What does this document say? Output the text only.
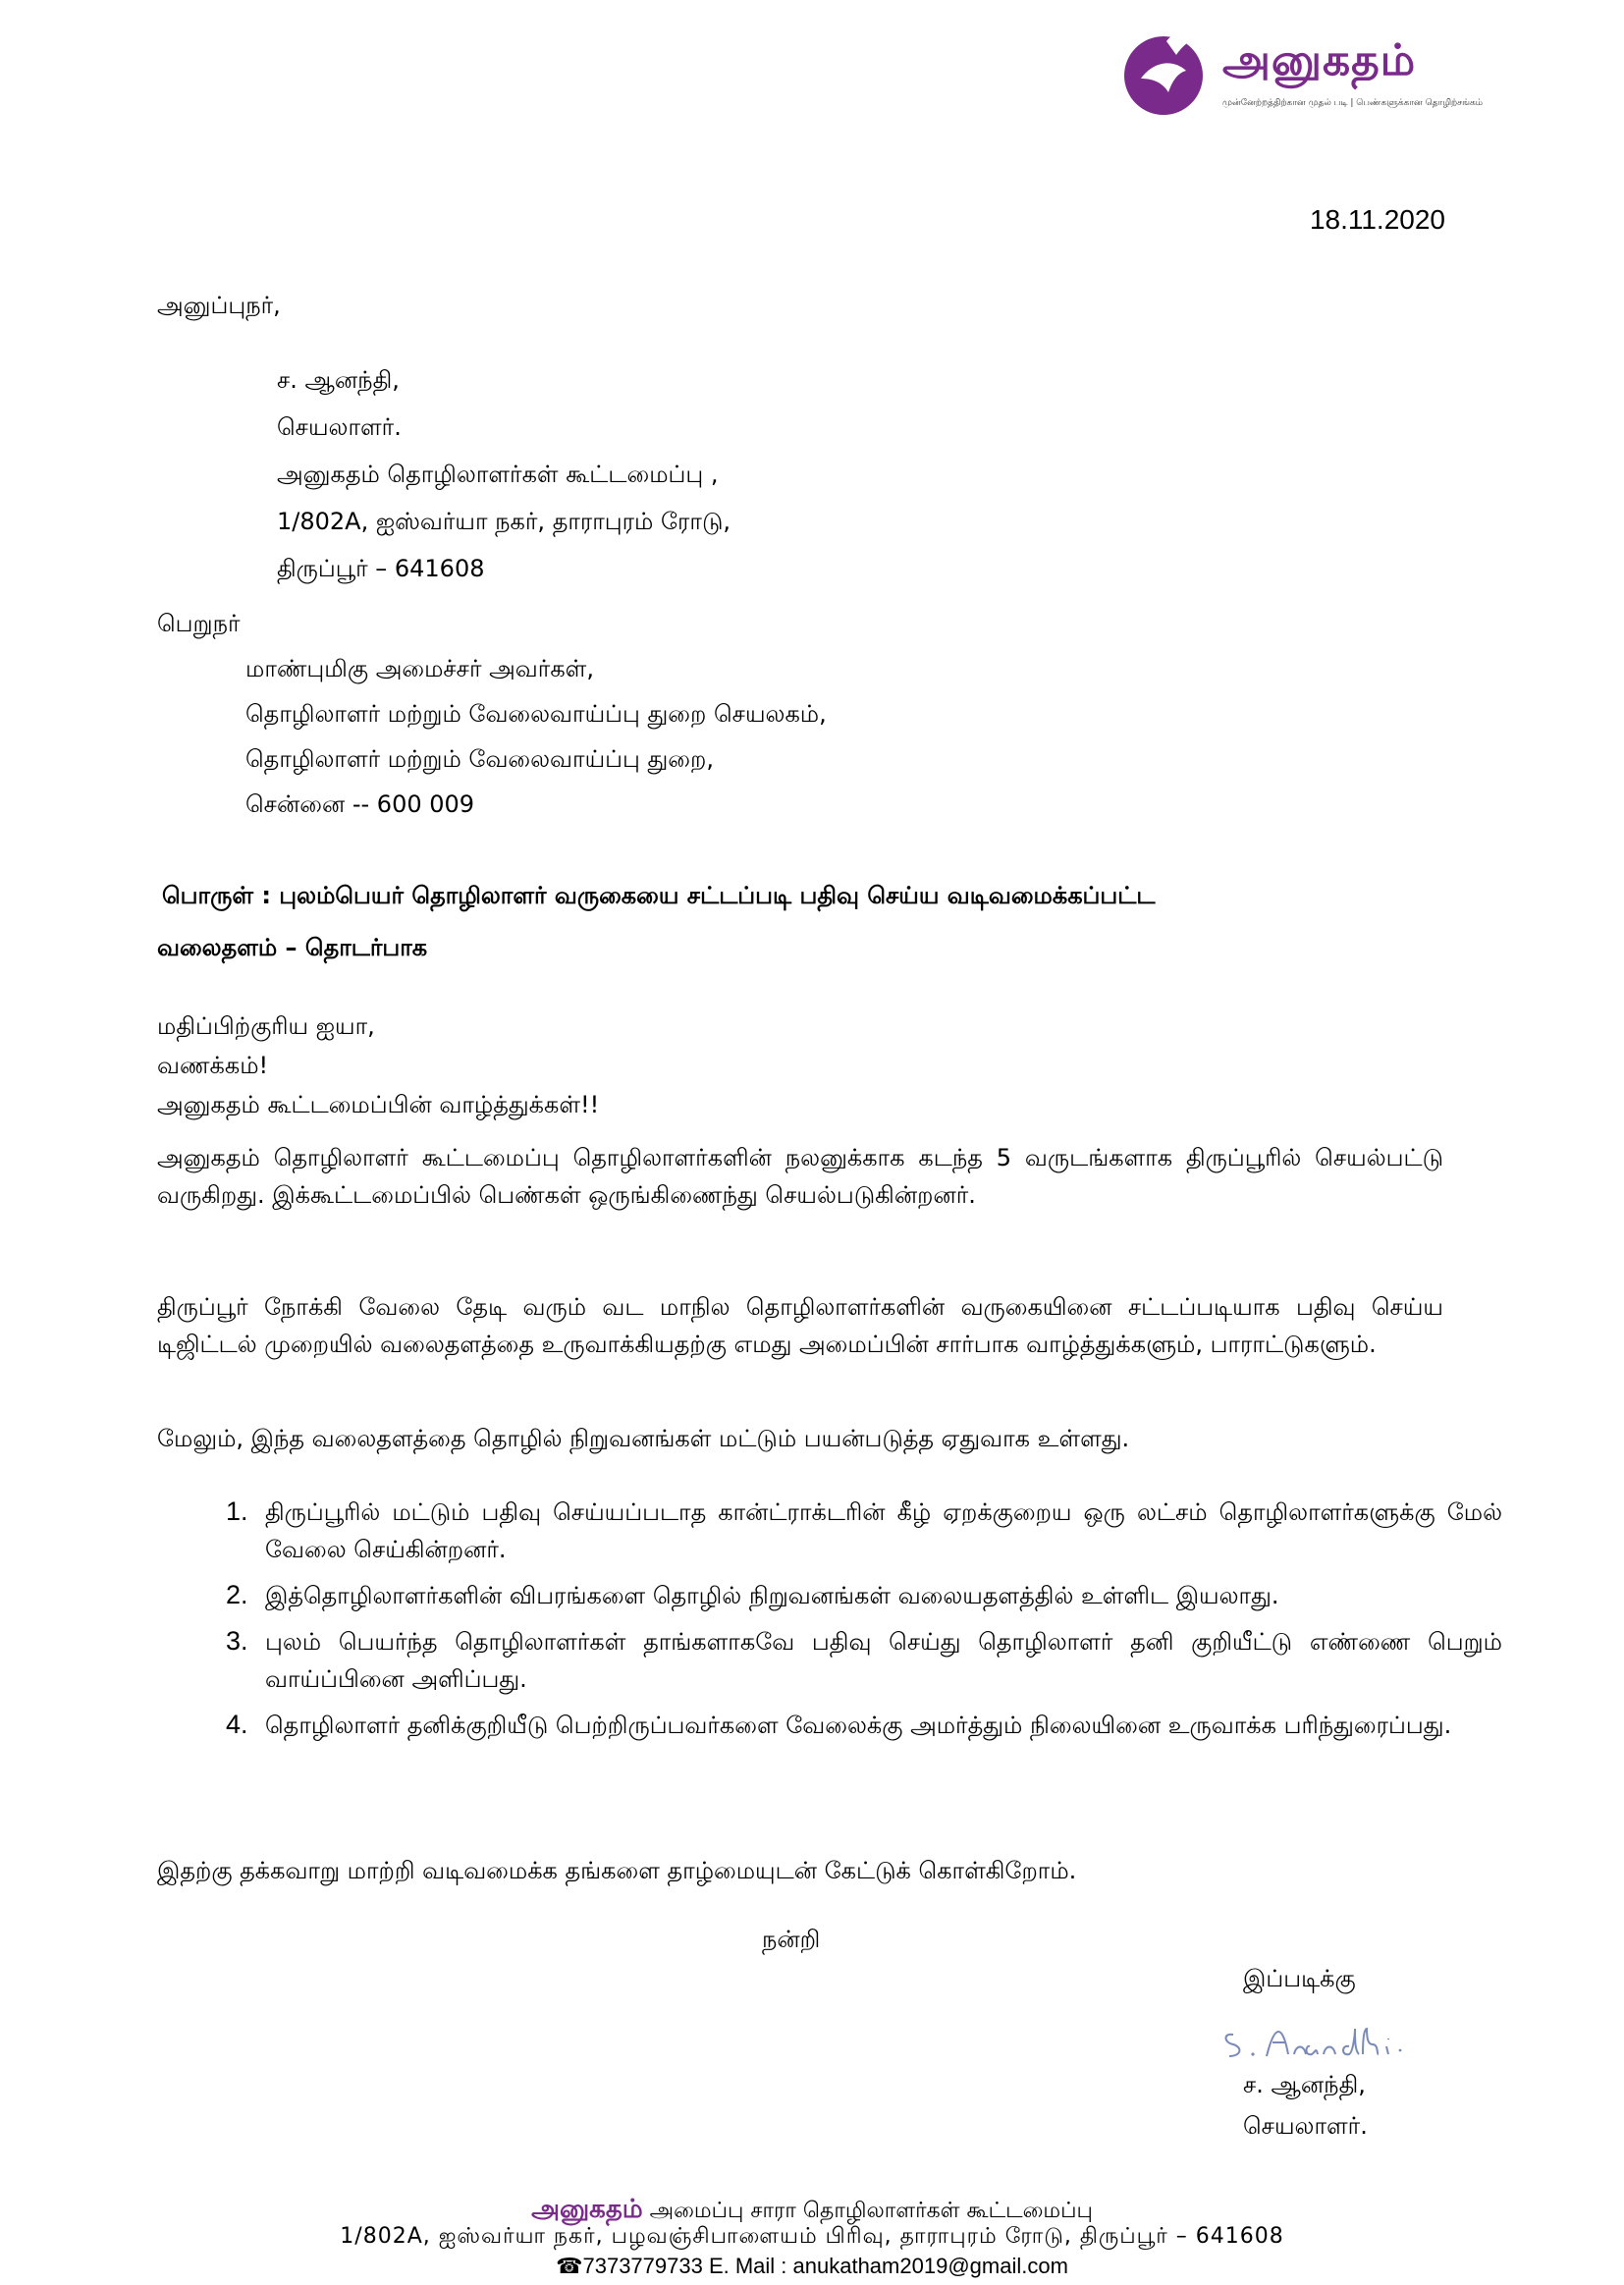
அனுகதம்
முன்னேற்றத்திற்கான முதல் படி | பெண்களுக்கான தொழிற்சங்கம்
18.11.2020
அனுப்புநர்,
ச. ஆனந்தி,
செயலாளர்.
அனுகதம் தொழிலாளர்கள் கூட்டமைப்பு ,
1/802A, ஐஸ்வர்யா நகர், தாராபுரம் ரோடு,
திருப்பூர் – 641608
பெறுநர்
மாண்புமிகு அமைச்சர் அவர்கள்,
தொழிலாளர் மற்றும் வேலைவாய்ப்பு துறை செயலகம்,
தொழிலாளர் மற்றும் வேலைவாய்ப்பு துறை,
சென்னை -- 600 009
பொருள் : புலம்பெயர் தொழிலாளர் வருகையை சட்டப்படி பதிவு செய்ய வடிவமைக்கப்பட்ட
வலைதளம் – தொடர்பாக
மதிப்பிற்குரிய ஐயா,
வணக்கம்!
அனுகதம் கூட்டமைப்பின் வாழ்த்துக்கள்!!
அனுகதம் தொழிலாளர் கூட்டமைப்பு தொழிலாளர்களின் நலனுக்காக கடந்த 5 வருடங்களாக திருப்பூரில் செயல்பட்டு வருகிறது. இக்கூட்டமைப்பில் பெண்கள் ஒருங்கிணைந்து செயல்படுகின்றனர்.
திருப்பூர் நோக்கி வேலை தேடி வரும் வட மாநில தொழிலாளர்களின் வருகையினை சட்டப்படியாக பதிவு செய்ய டிஜிட்டல் முறையில் வலைதளத்தை உருவாக்கியதற்கு எமது அமைப்பின் சார்பாக வாழ்த்துக்களும், பாராட்டுகளும்.
மேலும், இந்த வலைதளத்தை தொழில் நிறுவனங்கள் மட்டும் பயன்படுத்த ஏதுவாக உள்ளது.
1. திருப்பூரில் மட்டும் பதிவு செய்யப்படாத கான்ட்ராக்டரின் கீழ் ஏறக்குறைய ஒரு லட்சம் தொழிலாளர்களுக்கு மேல் வேலை செய்கின்றனர்.
2. இத்தொழிலாளர்களின் விபரங்களை தொழில் நிறுவனங்கள் வலையதளத்தில் உள்ளிட இயலாது.
3. புலம் பெயர்ந்த தொழிலாளர்கள் தாங்களாகவே பதிவு செய்து தொழிலாளர் தனி குறியீட்டு எண்ணை பெறும் வாய்ப்பினை அளிப்பது.
4. தொழிலாளர் தனிக்குறியீடு பெற்றிருப்பவர்களை வேலைக்கு அமர்த்தும் நிலையினை உருவாக்க பரிந்துரைப்பது.
இதற்கு தக்கவாறு மாற்றி வடிவமைக்க தங்களை தாழ்மையுடன் கேட்டுக் கொள்கிறோம்.
நன்றி
இப்படிக்கு
ச. ஆனந்தி,
செயலாளர்.
அனுகதம் அமைப்பு சாரா தொழிலாளர்கள் கூட்டமைப்பு
1/802A, ஐஸ்வர்யா நகர், பழவஞ்சிபாளையம் பிரிவு, தாராபுரம் ரோடு, திருப்பூர் – 641608
☎7373779733 E. Mail : anukatham2019@gmail.com
